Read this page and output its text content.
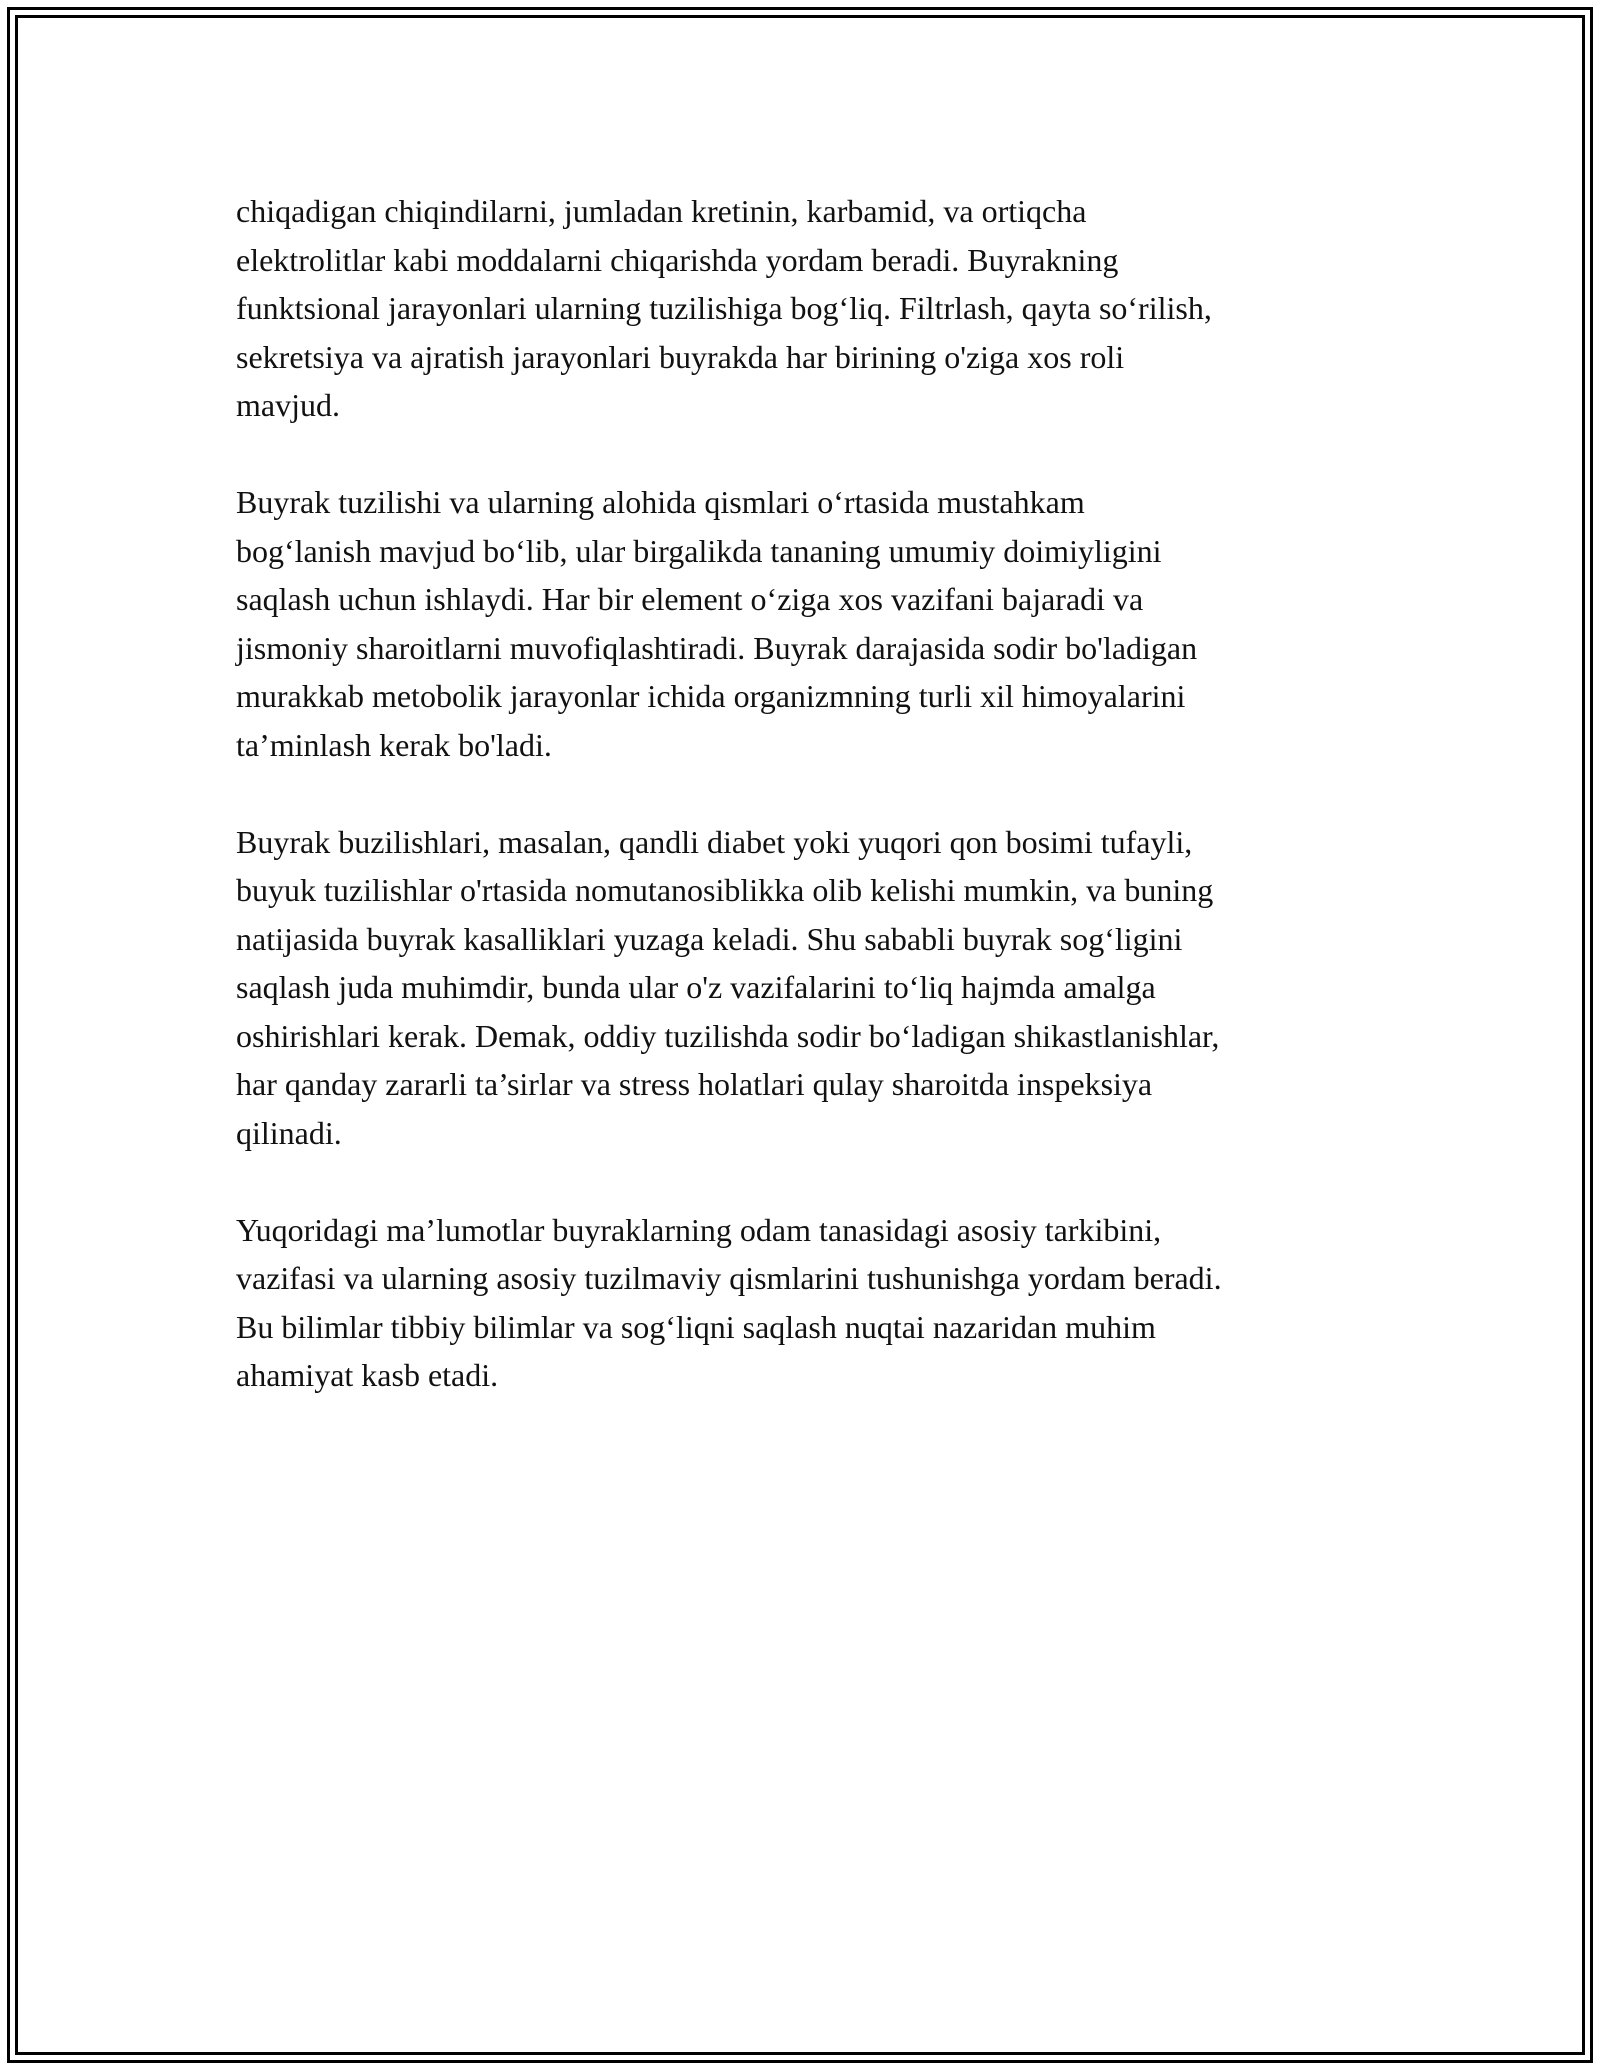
chiqadigan chiqindilarni, jumladan kretinin, karbamid, va ortiqcha
elektrolitlar kabi moddalarni chiqarishda yordam beradi. Buyrakning
funktsional jarayonlari ularning tuzilishiga bog‘liq. Filtrlash, qayta so‘rilish,
sekretsiya va ajratish jarayonlari buyrakda har birining o'ziga xos roli
mavjud.

Buyrak tuzilishi va ularning alohida qismlari o‘rtasida mustahkam
bog‘lanish mavjud bo‘lib, ular birgalikda tananing umumiy doimiyligini
saqlash uchun ishlaydi. Har bir element o‘ziga xos vazifani bajaradi va
jismoniy sharoitlarni muvofiqlashtiradi. Buyrak darajasida sodir bo'ladigan
murakkab metobolik jarayonlar ichida organizmning turli xil himoyalarini
ta’minlash kerak bo'ladi.

Buyrak buzilishlari, masalan, qandli diabet yoki yuqori qon bosimi tufayli,
buyuk tuzilishlar o'rtasida nomutanosiblikka olib kelishi mumkin, va buning
natijasida buyrak kasalliklari yuzaga keladi. Shu sababli buyrak sog‘ligini
saqlash juda muhimdir, bunda ular o'z vazifalarini to‘liq hajmda amalga
oshirishlari kerak. Demak, oddiy tuzilishda sodir bo‘ladigan shikastlanishlar,
har qanday zararli ta’sirlar va stress holatlari qulay sharoitda inspeksiya
qilinadi.

Yuqoridagi ma’lumotlar buyraklarning odam tanasidagi asosiy tarkibini,
vazifasi va ularning asosiy tuzilmaviy qismlarini tushunishga yordam beradi.
Bu bilimlar tibbiy bilimlar va sog‘liqni saqlash nuqtai nazaridan muhim
ahamiyat kasb etadi.
